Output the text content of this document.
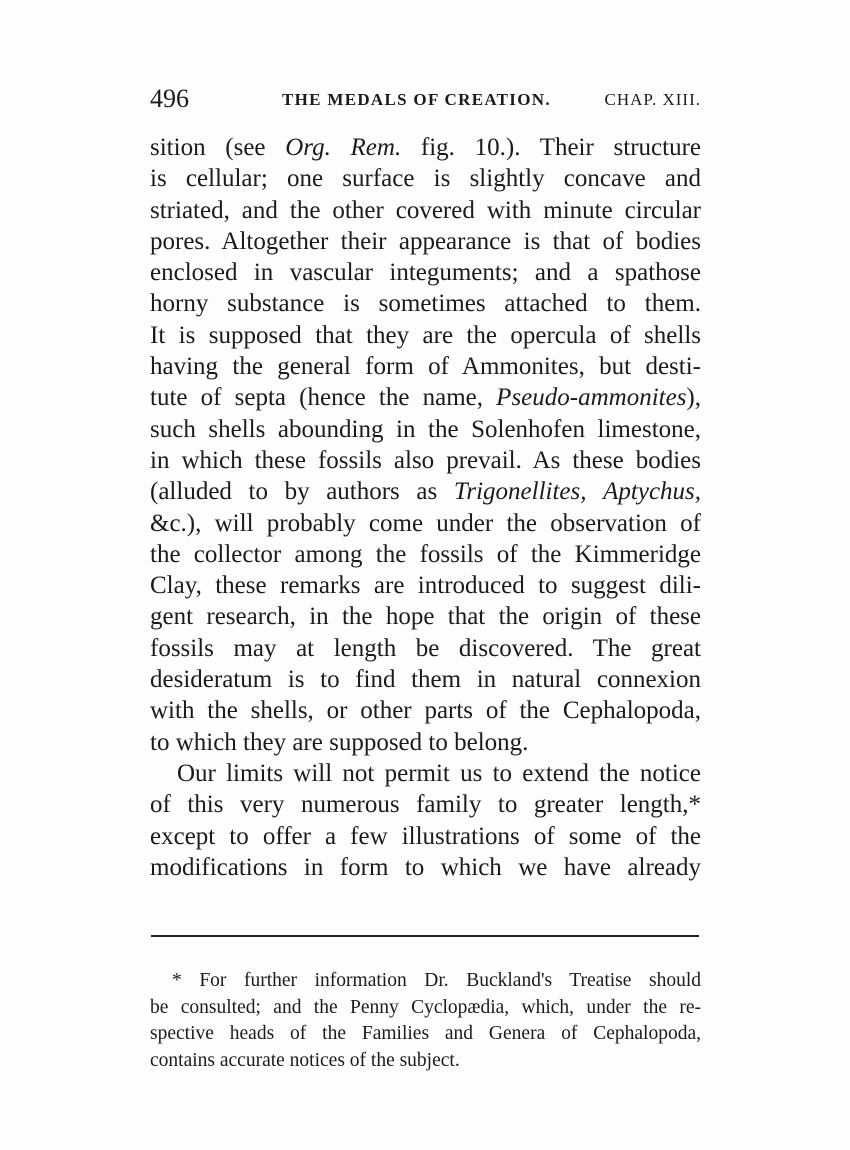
496	THE MEDALS OF CREATION.	CHAP. XIII.
sition (see Org. Rem. fig. 10.). Their structure
is cellular; one surface is slightly concave and
striated, and the other covered with minute circular
pores. Altogether their appearance is that of bodies
enclosed in vascular integuments; and a spathose
horny substance is sometimes attached to them.
It is supposed that they are the opercula of shells
having the general form of Ammonites, but desti-
tute of septa (hence the name, Pseudo-ammonites),
such shells abounding in the Solenhofen limestone,
in which these fossils also prevail. As these bodies
(alluded to by authors as Trigonellites, Aptychus,
&c.), will probably come under the observation of
the collector among the fossils of the Kimmeridge
Clay, these remarks are introduced to suggest dili-
gent research, in the hope that the origin of these
fossils may at length be discovered. The great
desideratum is to find them in natural connexion
with the shells, or other parts of the Cephalopoda,
to which they are supposed to belong.
Our limits will not permit us to extend the notice
of this very numerous family to greater length,*
except to offer a few illustrations of some of the
modifications in form to which we have already
* For further information Dr. Buckland's Treatise should
be consulted; and the Penny Cyclopædia, which, under the re-
spective heads of the Families and Genera of Cephalopoda,
contains accurate notices of the subject.
